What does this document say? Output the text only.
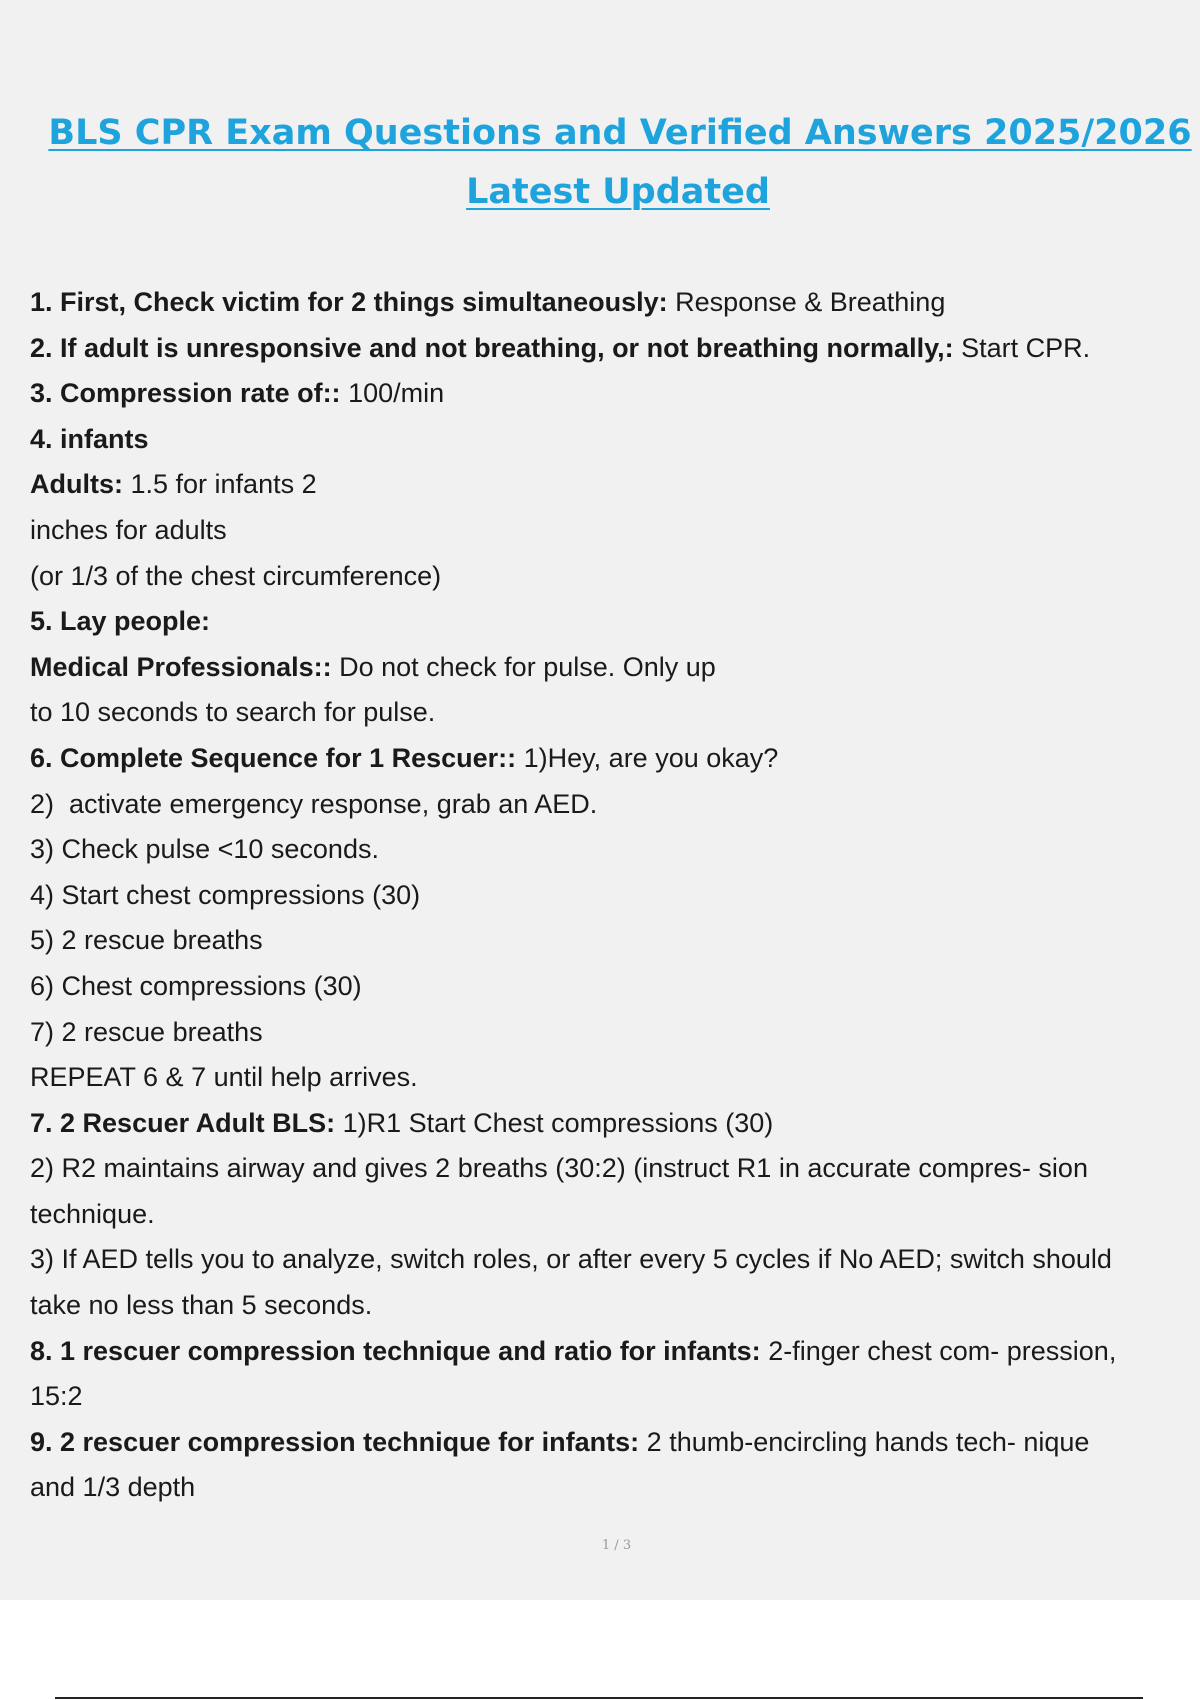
BLS CPR Exam Questions and Verified Answers 2025/2026
Latest Updated
1. First, Check victim for 2 things simultaneously: Response & Breathing
2. If adult is unresponsive and not breathing, or not breathing normally,: Start CPR.
3. Compression rate of:: 100/min
4. infants
Adults: 1.5 for infants 2
inches for adults
(or 1/3 of the chest circumference)
5. Lay people:
Medical Professionals:: Do not check for pulse. Only up
to 10 seconds to search for pulse.
6. Complete Sequence for 1 Rescuer:: 1)Hey, are you okay?
2)  activate emergency response, grab an AED.
3) Check pulse <10 seconds.
4) Start chest compressions (30)
5) 2 rescue breaths
6) Chest compressions (30)
7) 2 rescue breaths
REPEAT 6 & 7 until help arrives.
7. 2 Rescuer Adult BLS: 1)R1 Start Chest compressions (30)
2) R2 maintains airway and gives 2 breaths (30:2) (instruct R1 in accurate compres- sion
technique.
3) If AED tells you to analyze, switch roles, or after every 5 cycles if No AED; switch should
take no less than 5 seconds.
8. 1 rescuer compression technique and ratio for infants: 2-finger chest com- pression,
15:2
9. 2 rescuer compression technique for infants: 2 thumb-encircling hands tech- nique
and 1/3 depth
1 / 3
